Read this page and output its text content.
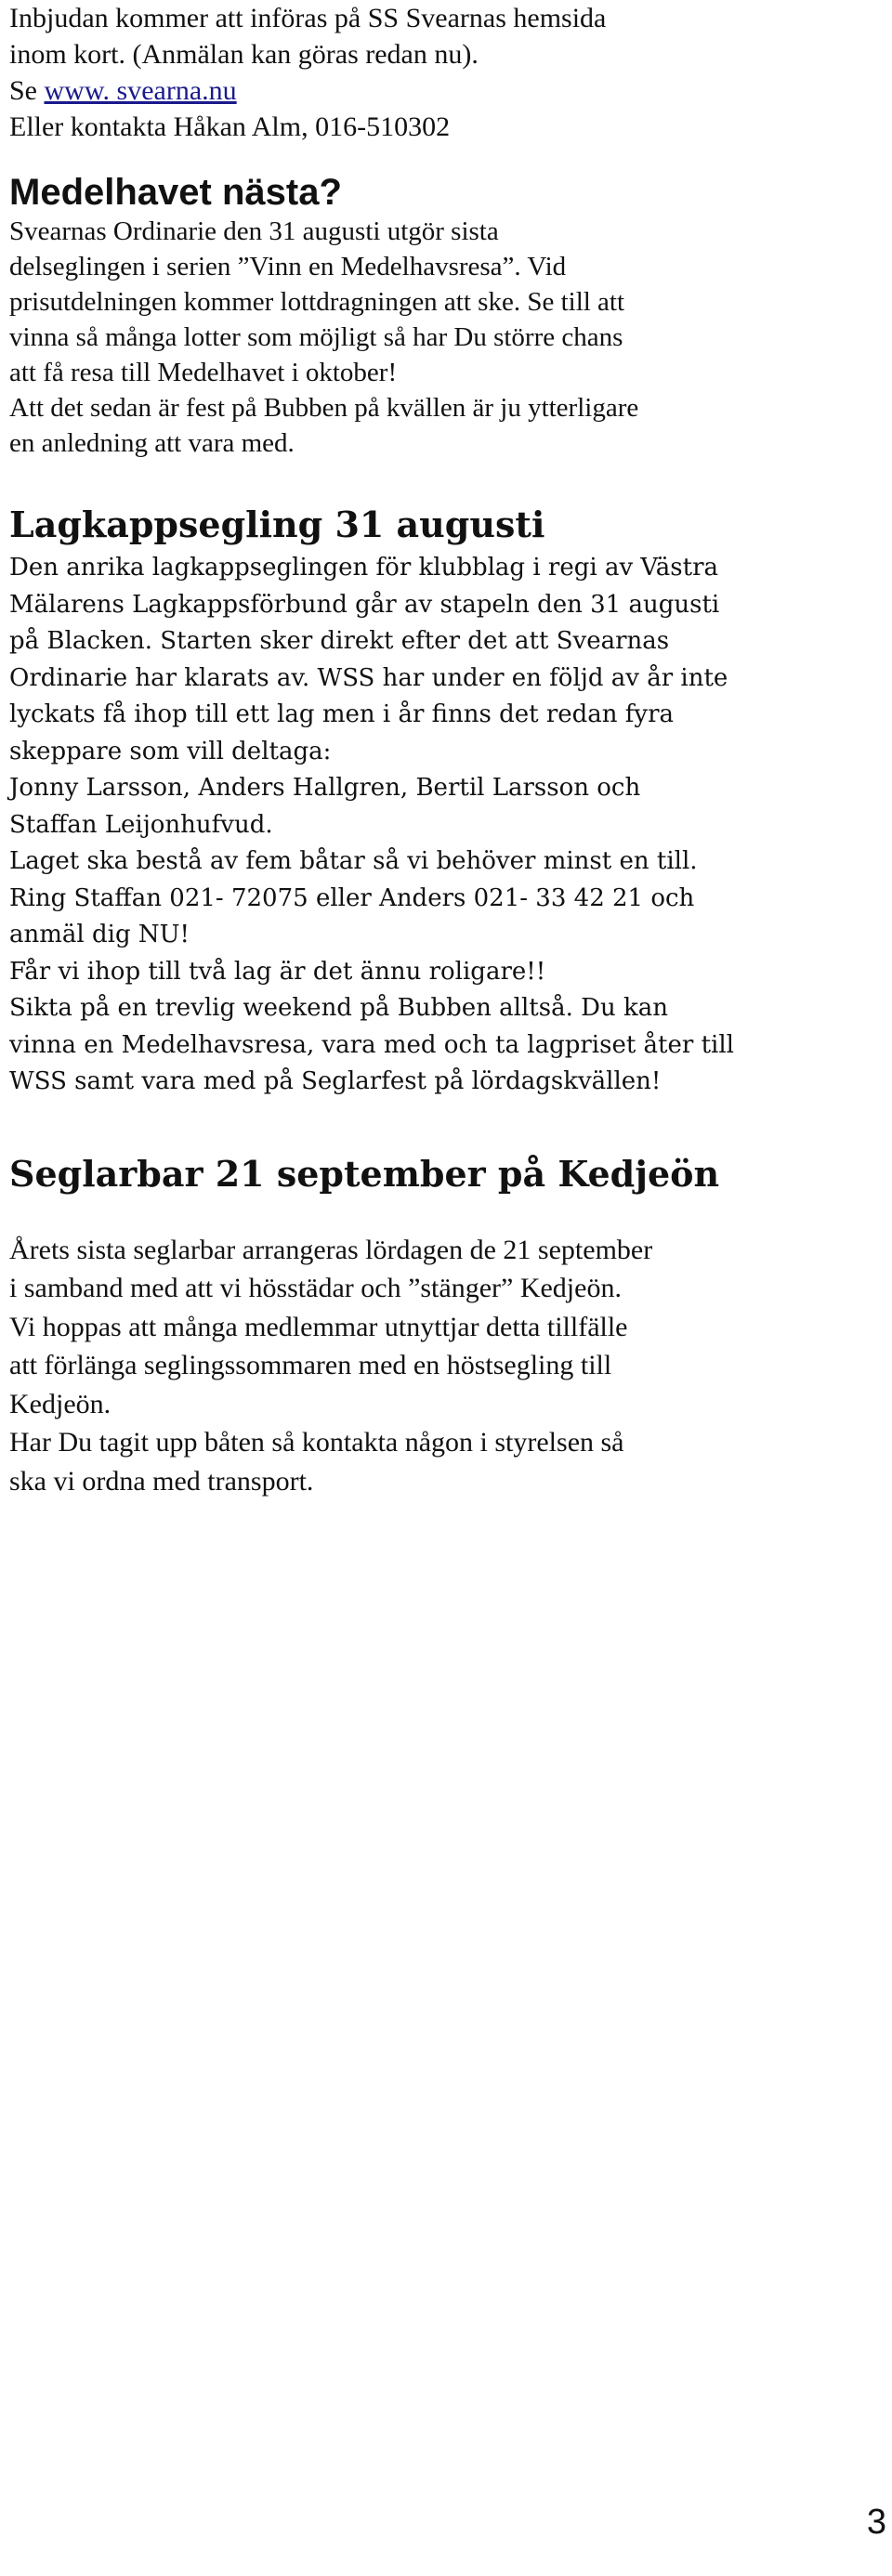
Inbjudan kommer att införas på SS Svearnas hemsida

inom kort. (Anmälan kan göras redan nu).

Se www. svearna.nu

Eller kontakta Håkan Alm, 016-510302

Medelhavet nästa?

Svearnas Ordinarie den 31 augusti utgör sista

delseglingen i serien ”Vinn en Medelhavsresa”. Vid

prisutdelningen kommer lottdragningen att ske. Se till att

vinna så många lotter som möjligt så har Du större chans

att få resa till Medelhavet i oktober!

Att det sedan är fest på Bubben på kvällen är ju ytterligare

en anledning att vara med.

Lagkappsegling 31 augusti

Den anrika lagkappseglingen för klubblag i regi av Västra

Mälarens Lagkappsförbund går av stapeln den 31 augusti

på Blacken. Starten sker direkt efter det att Svearnas

Ordinarie har klarats av. WSS har under en följd av år inte

lyckats få ihop till ett lag men i år finns det redan fyra

skeppare som vill deltaga:

Jonny Larsson, Anders Hallgren, Bertil Larsson och

Staffan Leijonhufvud.

Laget ska bestå av fem båtar så vi behöver minst en till.

Ring Staffan 021- 72075 eller Anders 021- 33 42 21 och

anmäl dig NU!

Får vi ihop till två lag är det ännu roligare!!

Sikta på en trevlig weekend på Bubben alltså. Du kan

vinna en Medelhavsresa, vara med och ta lagpriset åter till

WSS samt vara med på Seglarfest på lördagskvällen!

Seglarbar 21 september på Kedjeön

Årets sista seglarbar arrangeras lördagen de 21 september

i samband med att vi hösstädar och ”stänger” Kedjeön.

Vi hoppas att många medlemmar utnyttjar detta tillfälle

att förlänga seglingssommaren med en höstsegling till

Kedjeön.

Har Du tagit upp båten så kontakta någon i styrelsen så

ska vi ordna med transport.

3
